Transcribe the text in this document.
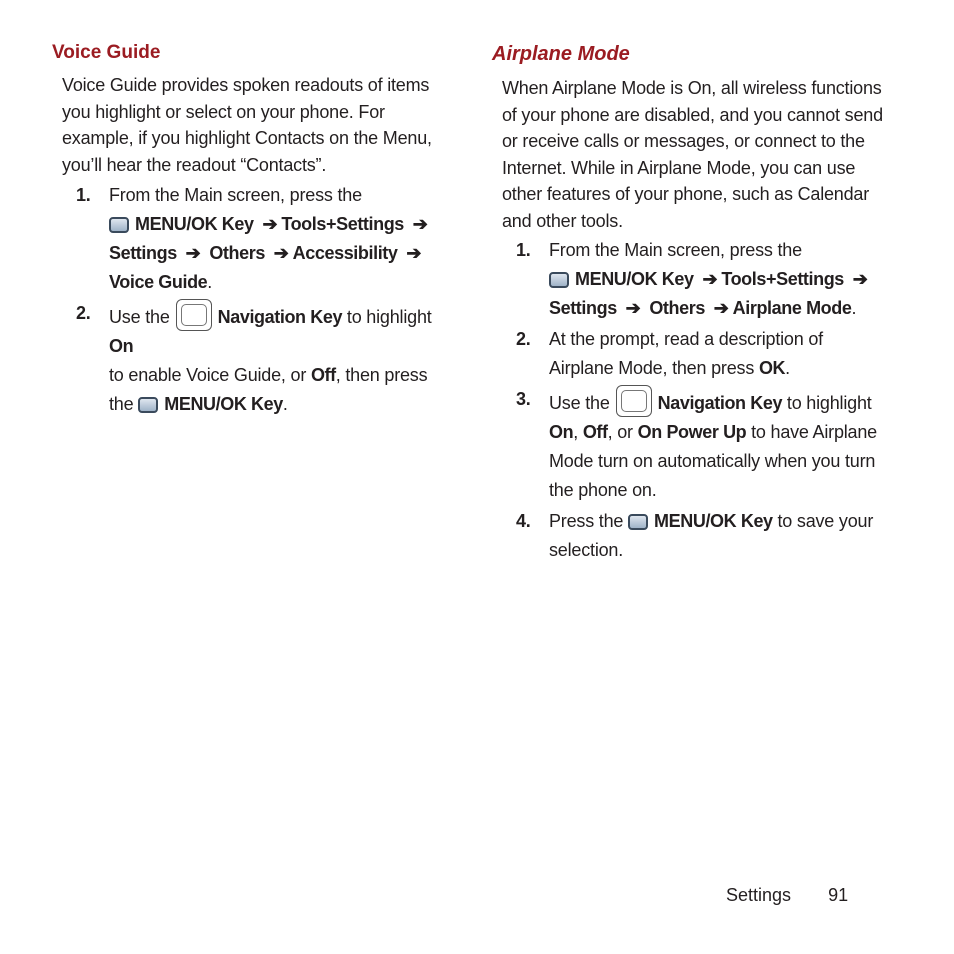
Voice Guide

Voice Guide provides spoken readouts of items you highlight or select on your phone. For example, if you highlight Contacts on the Menu, you’ll hear the readout “Contacts”.

1. From the Main screen, press the
MENU/OK Key ➔ Tools+Settings ➔
Settings ➔ Others ➔ Accessibility ➔
Voice Guide.
2. Use the	Navigation Key to highlight On
to enable Voice Guide, or Off, then press the MENU/OK Key.
Airplane Mode

When Airplane Mode is On, all wireless functions of your phone are disabled, and you cannot send or receive calls or messages, or connect to the Internet. While in Airplane Mode, you can use other features of your phone, such as Calendar and other tools.

1. From the Main screen, press the
MENU/OK Key ➔ Tools+Settings ➔
Settings ➔ Others ➔ Airplane Mode.
2. At the prompt, read a description of Airplane Mode, then press OK.
3. Use the	Navigation Key to highlight
On, Off, or On Power Up to have Airplane Mode turn on automatically when you turn the phone on.
4. Press the MENU/OK Key to save your selection.
Settings 91
